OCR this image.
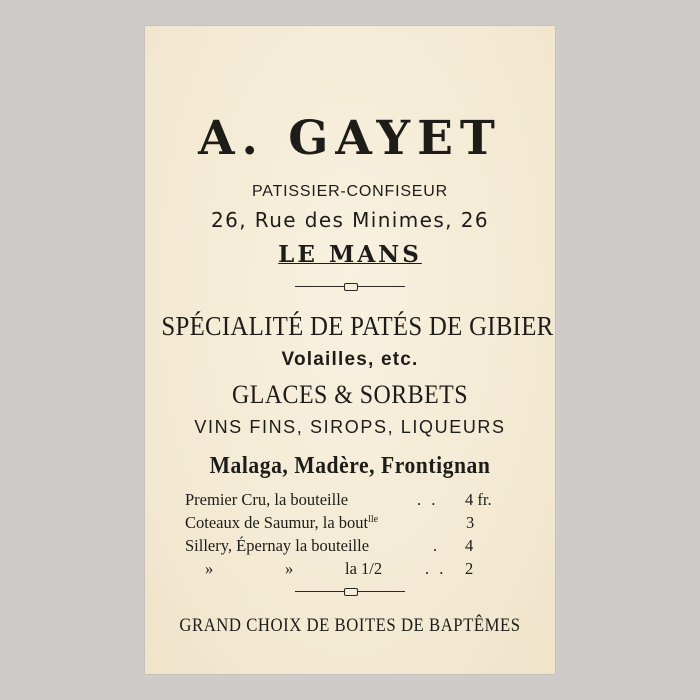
A. GAYET
PATISSIER-CONFISEUR
26, Rue des Minimes, 26
LE MANS
SPÉCIALITÉ DE PATÉS DE GIBIER
Volailles, etc.
GLACES & SORBETS
VINS FINS, SIROPS, LIQUEURS
Malaga, Madère, Frontignan
Premier Cru, la bouteille	. . 4 fr.
Coteaux de Saumur, la bout$^{lle}$	3
Sillery, Épernay la bouteille	. 4
»	»	la 1/2	. . 2
GRAND CHOIX DE BOITES DE BAPTÊMES
